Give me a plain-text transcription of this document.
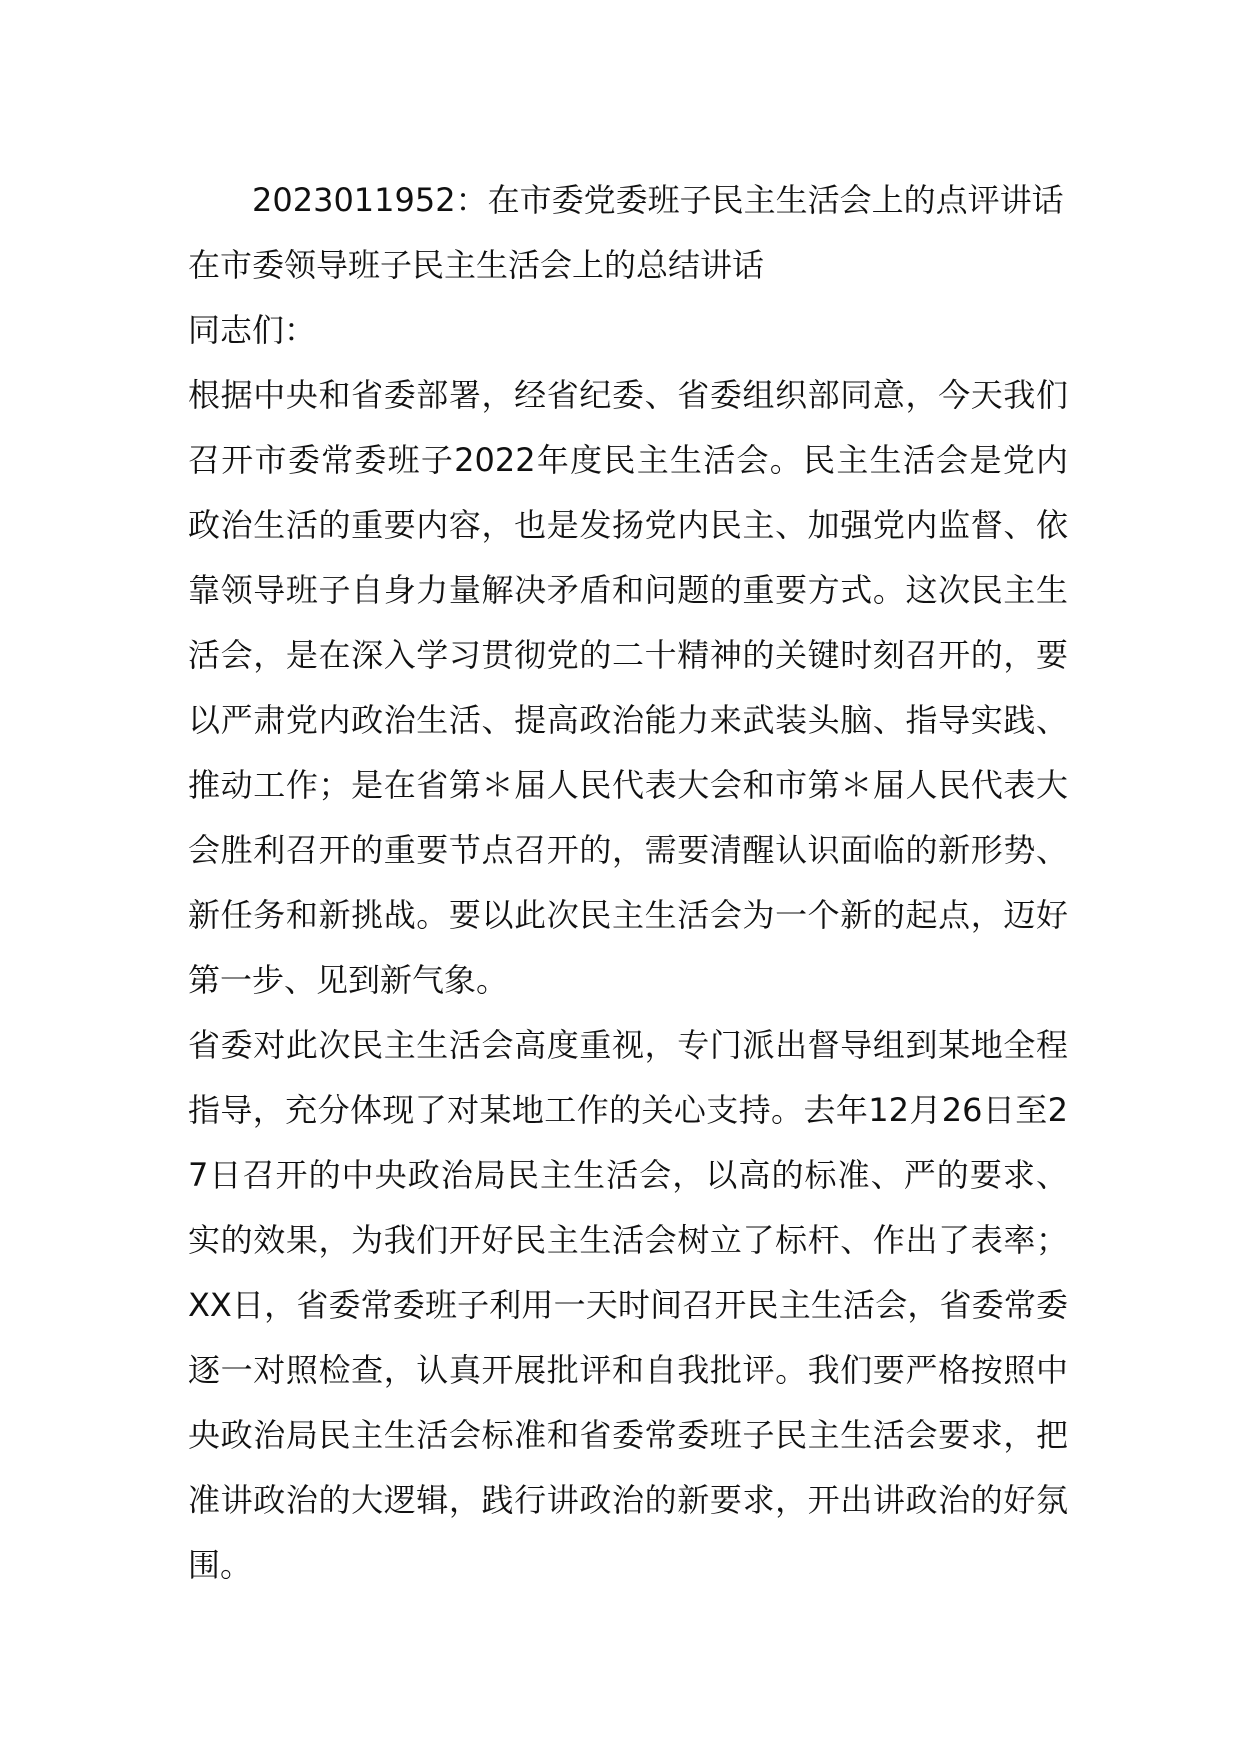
2023011952：在市委党委班子民主生活会上的点评讲话

在市委领导班子民主生活会上的总结讲话

同志们：

根据中央和省委部署，经省纪委、省委组织部同意，今天我们召开市委常委班子2022年度民主生活会。民主生活会是党内政治生活的重要内容，也是发扬党内民主、加强党内监督、依靠领导班子自身力量解决矛盾和问题的重要方式。这次民主生活会，是在深入学习贯彻党的二十精神的关键时刻召开的，要以严肃党内政治生活、提高政治能力来武装头脑、指导实践、推动工作；是在省第＊届人民代表大会和市第＊届人民代表大会胜利召开的重要节点召开的，需要清醒认识面临的新形势、新任务和新挑战。要以此次民主生活会为一个新的起点，迈好第一步、见到新气象。

省委对此次民主生活会高度重视，专门派出督导组到某地全程指导，充分体现了对某地工作的关心支持。去年12月26日至27日召开的中央政治局民主生活会，以高的标准、严的要求、实的效果，为我们开好民主生活会树立了标杆、作出了表率；XX日，省委常委班子利用一天时间召开民主生活会，省委常委逐一对照检查，认真开展批评和自我批评。我们要严格按照中央政治局民主生活会标准和省委常委班子民主生活会要求，把准讲政治的大逻辑，践行讲政治的新要求，开出讲政治的好氛围。
